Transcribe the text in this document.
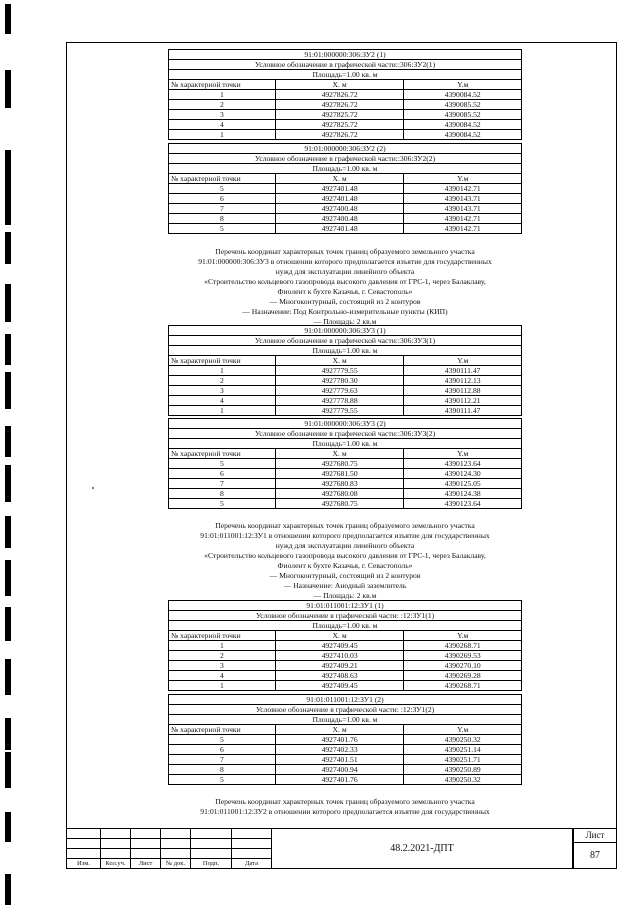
91:01:000000:306:ЗУ2 (1)		
Условное обозначение в графической части::306:ЗУ2(1)		
Площадь=1.00 кв. м		
№ характерной точки	X. м	Y.м
1	4927826.72	4390084.52
2	4927826.72	4390085.52
3	4927825.72	4390085.52
4	4927825.72	4390084.52
1	4927826.72	4390084.52
91:01:000000:306:ЗУ2 (2)		
Условное обозначение в графической части::306:ЗУ2(2)		
Площадь=1.00 кв. м		
№ характерной точки	X. м	Y.м
5	4927401.48	4390142.71
6	4927401.48	4390143.71
7	4927400.48	4390143.71
8	4927400.48	4390142.71
5	4927401.48	4390142.71
Перечень координат характерных точек границ образуемого земельного участка
91:01:000000:306:ЗУ3 в отношении которого предполагается изъятие для государственных
нужд для эксплуатации линейного объекта
«Строительство кольцевого газопровода высокого давления от ГРС-1, через Балаклаву,
Фиолент к бухте Казачья, г. Севастополь»
— Многоконтурный, состоящий из 2 контуров
— Назначение: Под Контрольно-измерительные пункты (КИП)
— Площадь: 2 кв.м
91:01:000000:306:ЗУ3 (1)		
Условное обозначение в графической части::306:ЗУ3(1)		
Площадь=1.00 кв. м		
№ характерной точки	X. м	Y.м
1	4927779.55	4390111.47
2	4927780.30	4390112.13
3	4927779.63	4390112.88
4	4927778.88	4390112.21
1	4927779.55	4390111.47
91:01:000000:306:ЗУ3 (2)		
Условное обозначение в графической части::306:ЗУ3(2)		
Площадь=1.00 кв. м		
№ характерной точки	X. м	Y.м
5	4927680.75	4390123.64
6	4927681.50	4390124.30
7	4927680.83	4390125.05
8	4927680.08	4390124.38
5	4927680.75	4390123.64
Перечень координат характерных точек границ образуемого земельного участка
91:01:011001:12:ЗУ1 в отношении которого предполагается изъятие для государственных
нужд для эксплуатации линейного объекта
«Строительство кольцевого газопровода высокого давления от ГРС-1, через Балаклаву,
Фиолент к бухте Казачья, г. Севастополь»
— Многоконтурный, состоящий из 2 контуров
— Назначение: Анодный заземлитель
— Площадь: 2 кв.м
91:01:011001:12:ЗУ1 (1)		
Условное обозначение в графической части: :12:ЗУ1(1)		
Площадь=1.00 кв. м		
№ характерной точки	X. м	Y.м
1	4927409.45	4390268.71
2	4927410.03	4390269.53
3	4927409.21	4390270.10
4	4927408.63	4390269.28
1	4927409.45	4390268.71
91:01:011001:12:ЗУ1 (2)		
Условное обозначение в графической части: :12:ЗУ1(2)		
Площадь=1.00 кв. м		
№ характерной точки	X. м	Y.м
5	4927401.76	4390250.32
6	4927402.33	4390251.14
7	4927401.51	4390251.71
8	4927400.94	4390250.89
5	4927401.76	4390250.32
Перечень координат характерных точек границ образуемого земельного участка
91:01:011001:12:ЗУ2 в отношении которого предполагается изъятие для государственных

Изм.	Кол.уч.	Лист	№ док.	Подп.	Дата
48.2.2021-ДПТ
Лист
87
